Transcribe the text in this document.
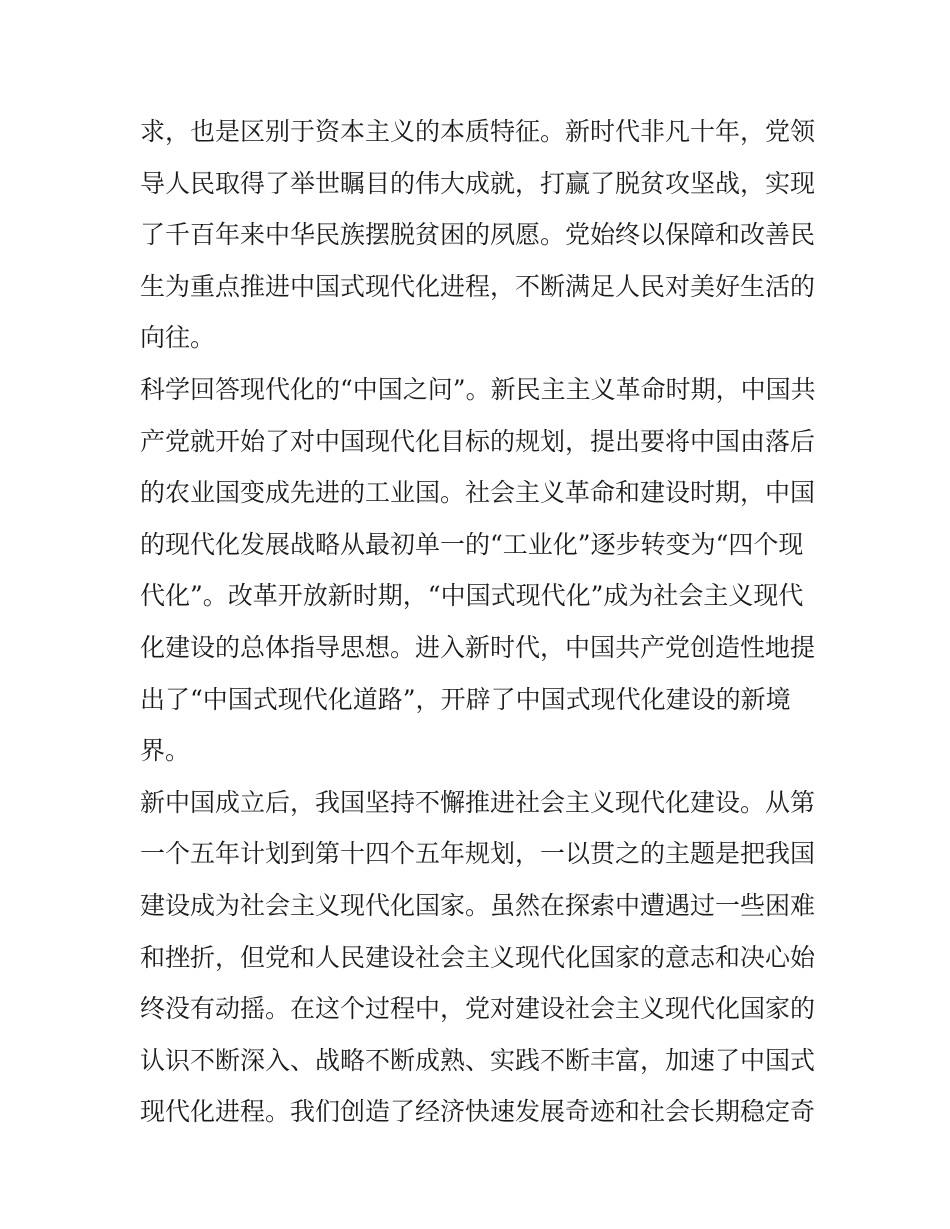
求，也是区别于资本主义的本质特征。新时代非凡十年，党领
导人民取得了举世瞩目的伟大成就，打赢了脱贫攻坚战，实现
了千百年来中华民族摆脱贫困的夙愿。党始终以保障和改善民
生为重点推进中国式现代化进程，不断满足人民对美好生活的
向往。
科学回答现代化的“中国之问”。新民主主义革命时期，中国共
产党就开始了对中国现代化目标的规划，提出要将中国由落后
的农业国变成先进的工业国。社会主义革命和建设时期，中国
的现代化发展战略从最初单一的“工业化”逐步转变为“四个现
代化”。改革开放新时期，“中国式现代化”成为社会主义现代
化建设的总体指导思想。进入新时代，中国共产党创造性地提
出了“中国式现代化道路”，开辟了中国式现代化建设的新境
界。
新中国成立后，我国坚持不懈推进社会主义现代化建设。从第
一个五年计划到第十四个五年规划，一以贯之的主题是把我国
建设成为社会主义现代化国家。虽然在探索中遭遇过一些困难
和挫折，但党和人民建设社会主义现代化国家的意志和决心始
终没有动摇。在这个过程中，党对建设社会主义现代化国家的
认识不断深入、战略不断成熟、实践不断丰富，加速了中国式
现代化进程。我们创造了经济快速发展奇迹和社会长期稳定奇
